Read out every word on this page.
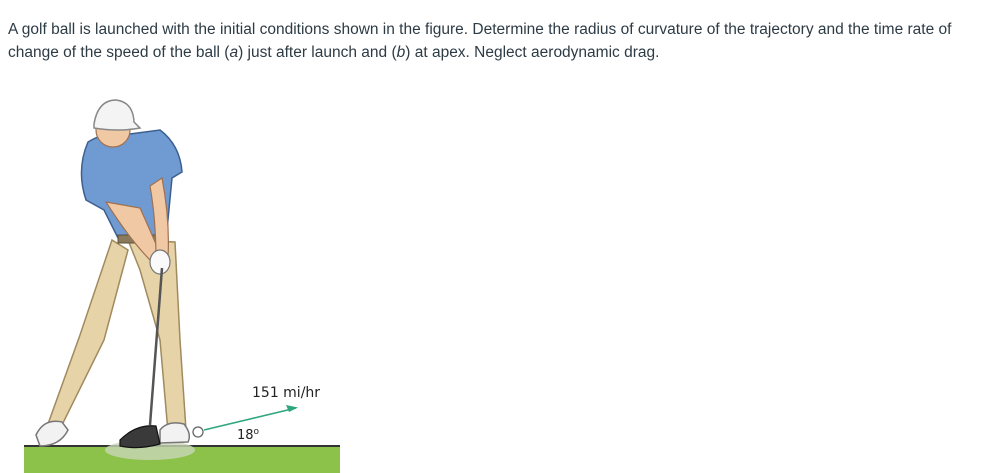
A golf ball is launched with the initial conditions shown in the figure. Determine the radius of curvature of the trajectory and the time rate of change of the speed of the ball (a) just after launch and (b) at apex. Neglect aerodynamic drag.

151 mi/hr
18$^o$
